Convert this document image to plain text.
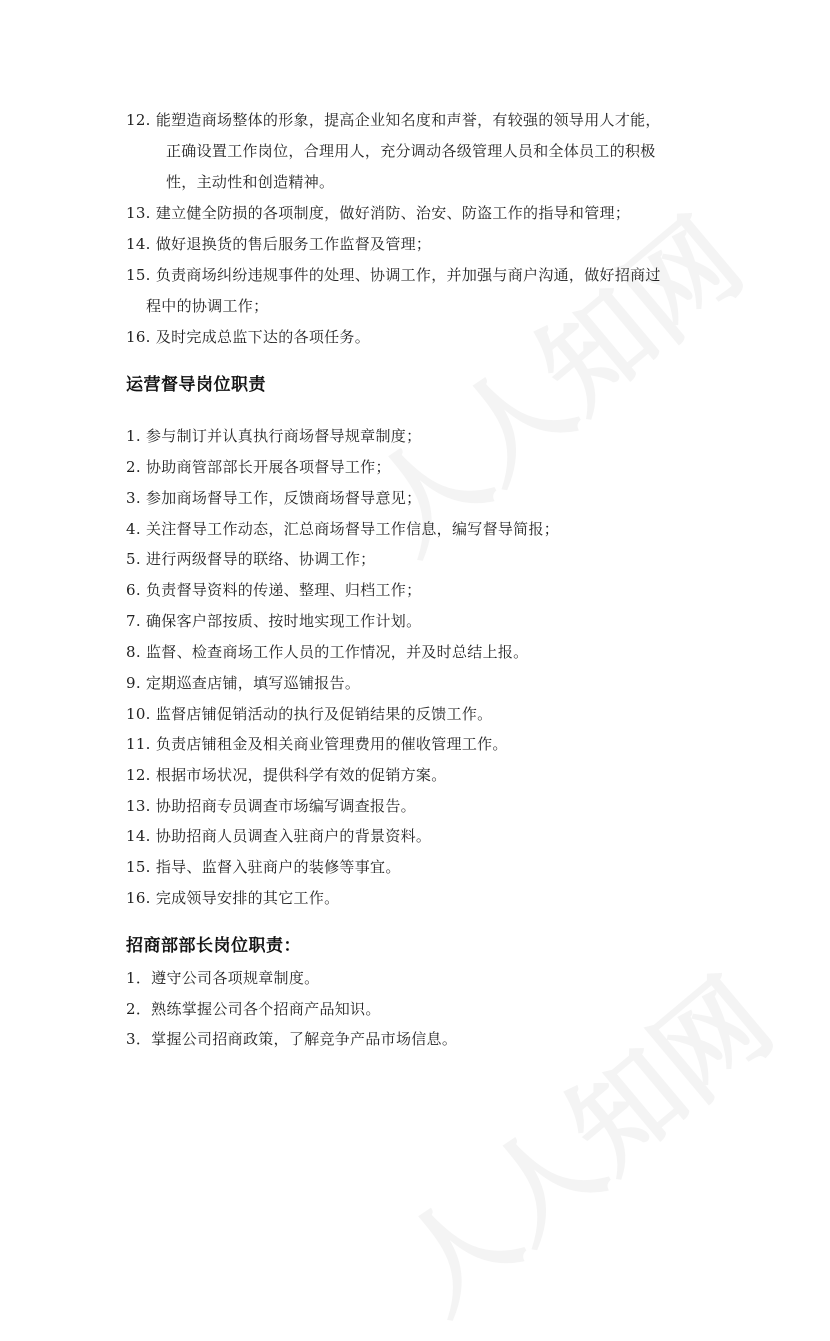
12. 能塑造商场整体的形象，提高企业知名度和声誉，有较强的领导用人才能，
正确设置工作岗位，合理用人，充分调动各级管理人员和全体员工的积极
性，主动性和创造精神。
13. 建立健全防损的各项制度，做好消防、治安、防盗工作的指导和管理；
14. 做好退换货的售后服务工作监督及管理；
15. 负责商场纠纷违规事件的处理、协调工作，并加强与商户沟通，做好招商过
程中的协调工作；
16. 及时完成总监下达的各项任务。
运营督导岗位职责
1. 参与制订并认真执行商场督导规章制度；
2. 协助商管部部长开展各项督导工作；
3. 参加商场督导工作，反馈商场督导意见；
4. 关注督导工作动态，汇总商场督导工作信息，编写督导简报；
5. 进行两级督导的联络、协调工作；
6. 负责督导资料的传递、整理、归档工作；
7. 确保客户部按质、按时地实现工作计划。
8. 监督、检查商场工作人员的工作情况，并及时总结上报。
9. 定期巡查店铺，填写巡铺报告。
10. 监督店铺促销活动的执行及促销结果的反馈工作。
11. 负责店铺租金及相关商业管理费用的催收管理工作。
12. 根据市场状况，提供科学有效的促销方案。
13. 协助招商专员调查市场编写调查报告。
14. 协助招商人员调查入驻商户的背景资料。
15. 指导、监督入驻商户的装修等事宜。
16. 完成领导安排的其它工作。
招商部部长岗位职责：
1．遵守公司各项规章制度。
2．熟练掌握公司各个招商产品知识。
3．掌握公司招商政策，了解竞争产品市场信息。
